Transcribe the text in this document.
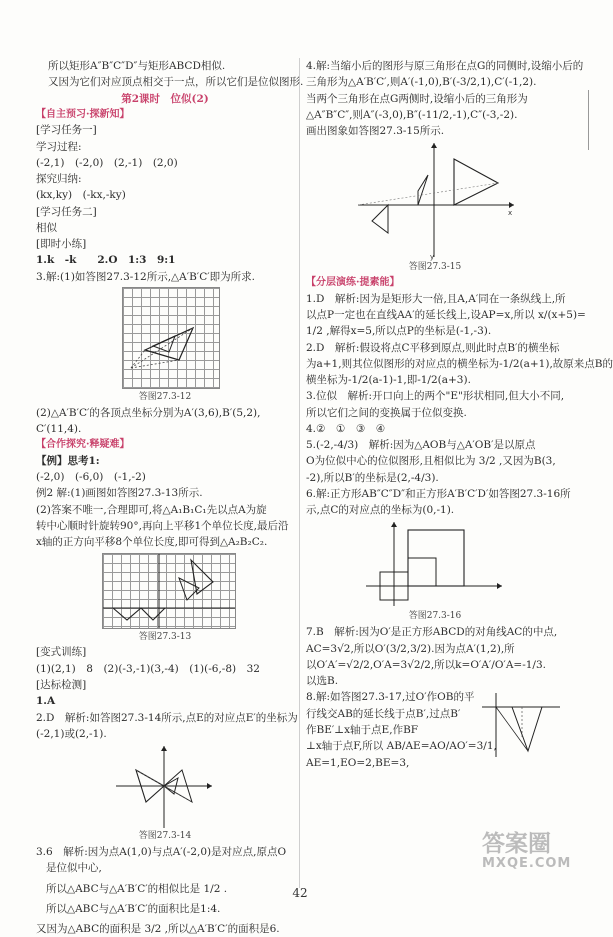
所以矩形A″B″C″D″与矩形ABCD相似.
又因为它们对应顶点相交于一点，所以它们是位似图形.
第2课时　位似(2)
【自主预习·探新知】
[学习任务一]
学习过程:
(-2,1)　(-2,0)　(2,-1)　(2,0)
探究归纳:
(kx,ky)　(-kx,-ky)
[学习任务二]
相似
[即时小练]
1.k　-k　　2.O　1:3　9:1
3.解:(1)如答图27.3-12所示,△A′B′C′即为所求.
答图27.3-12
(2)△A′B′C′的各顶点坐标分别为A′(3,6),B′(5,2),
C′(11,4).
【合作探究·释疑难】
【例】思考1:
(-2,0)　(-6,0)　(-1,-2)
例2 解:(1)画图如答图27.3-13所示.
(2)答案不唯一,合理即可,将△A₁B₁C₁先以点A为旋
转中心顺时针旋转90°,再向上平移1个单位长度,最后沿
x轴的正方向平移8个单位长度,即可得到△A₂B₂C₂.
答图27.3-13
[变式训练]
(1)(2,1)　8　(2)(-3,-1)(3,-4)　(1)(-6,-8)　32
[达标检测]
1.A
2.D　解析:如答图27.3-14所示,点E的对应点E′的坐标为
(-2,1)或(2,-1).
答图27.3-14
3.6　解析:因为点A(1,0)与点A′(-2,0)是对应点,原点O
是位似中心,
所以△ABC与△A′B′C′的相似比是 1/2 .
所以△ABC与△A′B′C′的面积比是1:4.
又因为△ABC的面积是 3/2 ,所以△A′B′C′的面积是6.
4.解:当缩小后的图形与原三角形在点G的同侧时,设缩小后的
三角形为△A′B′C′,则A′(-1,0),B′(-3/2,1),C′(-1,2).
当两个三角形在点G两侧时,设缩小后的三角形为
△A″B″C″,则A″(-3,0),B″(-11/2,-1),C″(-3,-2).
画出图象如答图27.3-15所示.
y
x
答图27.3-15
【分层演练·提素能】
1.D　解析:因为是矩形大一倍,且A,A′同在一条纵线上,所
以点P一定也在直线AA′的延长线上,设AP=x,所以 x/(x+5)=
1/2 ,解得x=5,所以点P的坐标是(-1,-3).
2.D　解析:假设将点C平移到原点,则此时点B′的横坐标
为a+1,则其位似图形的对应点的横坐标为-1/2(a+1),故原来点B的
横坐标为-1/2(a-1)-1,即-1/2(a+3).
3.位似　解析:开口向上的两个"E"形状相同,但大小不同,
所以它们之间的变换属于位似变换.
4.②　①　③　④
5.(-2,-4/3)　解析:因为△AOB与△A′OB′是以原点
O为位似中心的位似图形,且相似比为 3/2 ,又因为B(3,
-2),所以B′的坐标是(2,-4/3).
6.解:正方形AB″C″D″和正方形A′B′C′D′如答图27.3-16所
示,点C的对应点的坐标为(0,-1).
答图27.3-16
7.B　解析:因为O′是正方形ABCD的对角线AC的中点,
AC=3√2,所以O′(3/2,3/2).因为点A′(1,2),所
以O′A′=√2/2,O′A=3√2/2,所以k=O′A′/O′A=-1/3.
以选B.
8.解:如答图27.3-17,过O′作OB的平
行线交AB的延长线于点B′,过点B′
作BE′⊥x轴于点E,作BF
⊥x轴于点F,所以 AB/AE=AO/AO′=3/1,
AE=1,EO=2,BE=3,
答案圈
MXQE.COM
42
